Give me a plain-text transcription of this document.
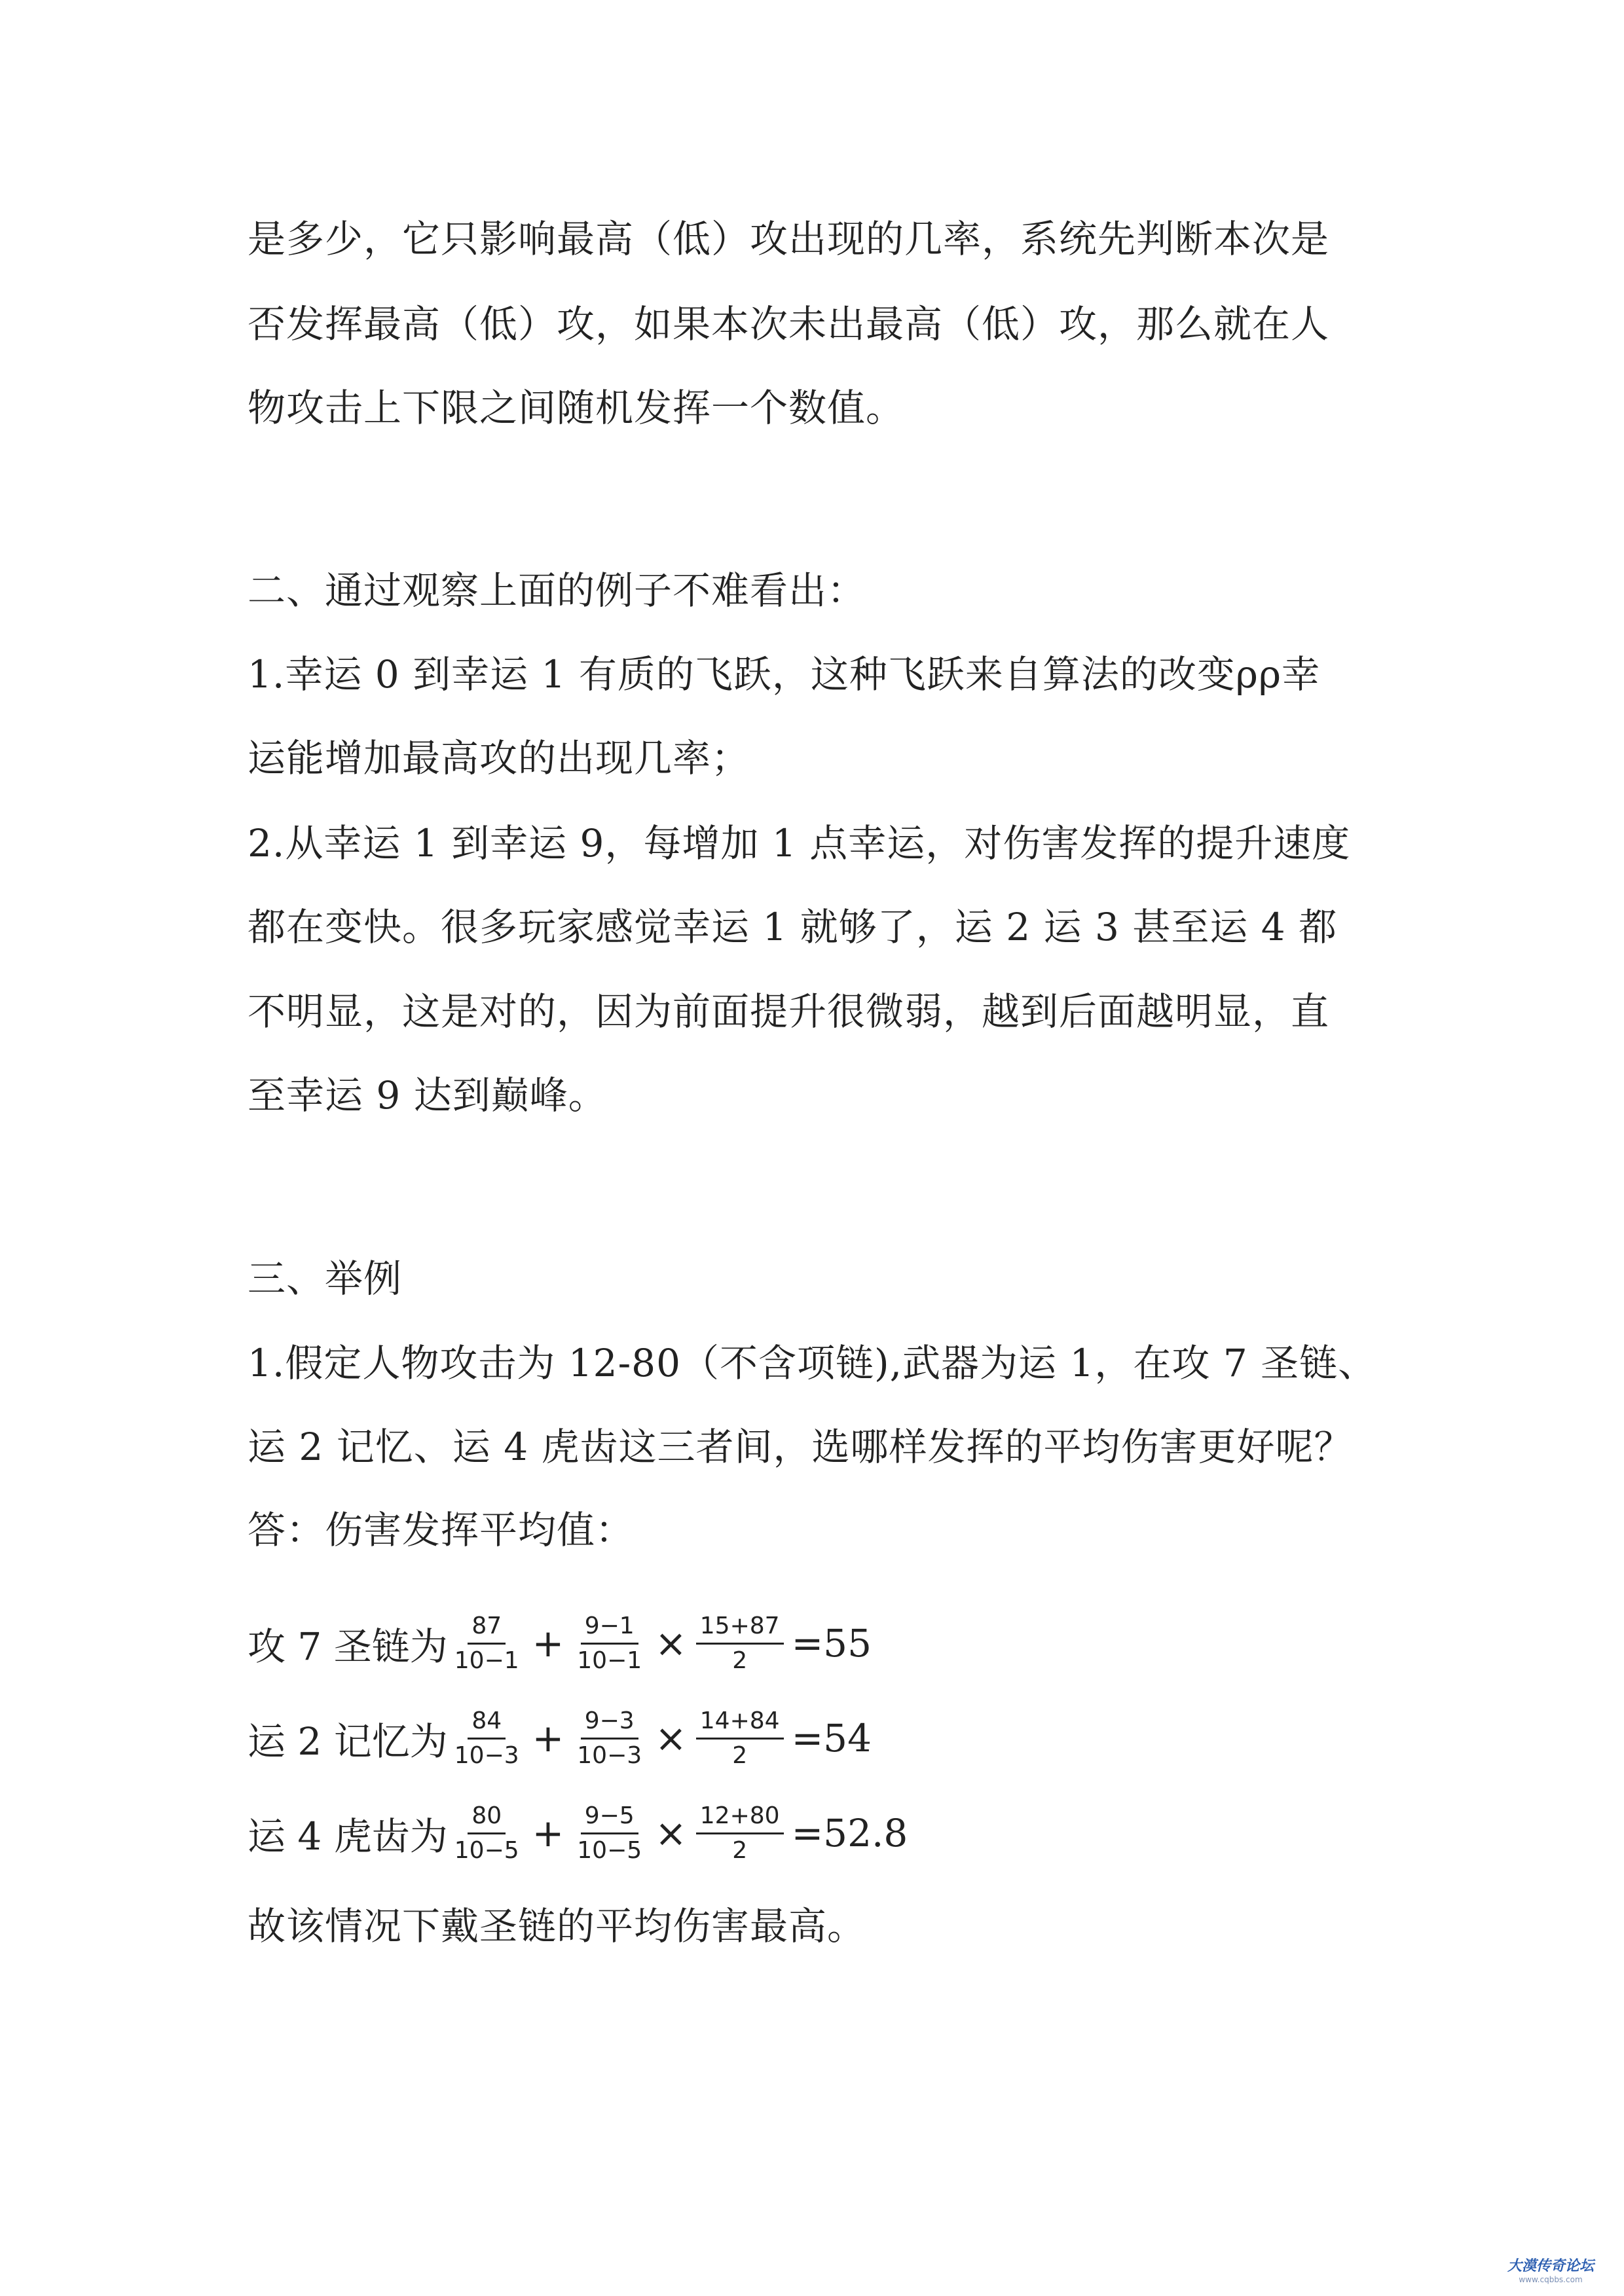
是多少，它只影响最高（低）攻出现的几率，系统先判断本次是
否发挥最高（低）攻，如果本次未出最高（低）攻，那么就在人
物攻击上下限之间随机发挥一个数值。
二、通过观察上面的例子不难看出：
1.幸运 0 到幸运 1 有质的飞跃，这种飞跃来自算法的改变ρρ幸
运能增加最高攻的出现几率；
2.从幸运 1 到幸运 9，每增加 1 点幸运，对伤害发挥的提升速度
都在变快。很多玩家感觉幸运 1 就够了，运 2 运 3 甚至运 4 都
不明显，这是对的，因为前面提升很微弱，越到后面越明显，直
至幸运 9 达到巅峰。
三、举例
1.假定人物攻击为 12-80（不含项链),武器为运 1，在攻 7 圣链、
运 2 记忆、运 4 虎齿这三者间，选哪样发挥的平均伤害更好呢？
答：伤害发挥平均值：
攻 7 圣链为 $\frac{87}{10-1} + \frac{9-1}{10-1} \times \frac{15+87}{2} = 55$
运 2 记忆为 $\frac{84}{10-3} + \frac{9-3}{10-3} \times \frac{14+84}{2} = 54$
运 4 虎齿为 $\frac{80}{10-5} + \frac{9-5}{10-5} \times \frac{12+80}{2} = 52.8$
故该情况下戴圣链的平均伤害最高。
大漠传奇论坛
www.cqbbs.com
